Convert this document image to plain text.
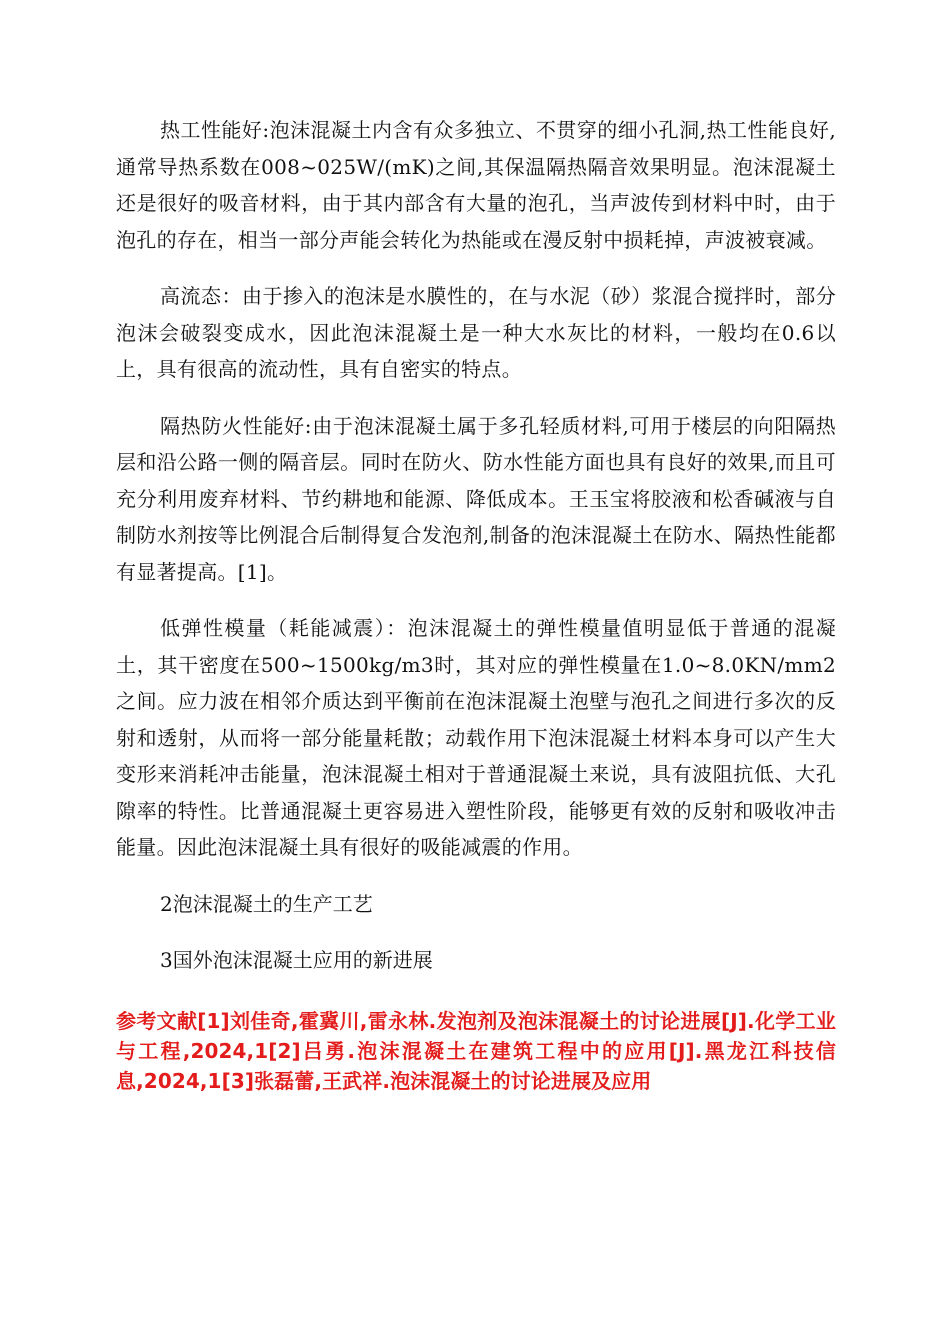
热工性能好:泡沫混凝土内含有众多独立、不贯穿的细小孔洞,热工性能良好,通常导热系数在008~025W/(mK)之间,其保温隔热隔音效果明显。泡沫混凝土还是很好的吸音材料，由于其内部含有大量的泡孔，当声波传到材料中时，由于泡孔的存在，相当一部分声能会转化为热能或在漫反射中损耗掉，声波被衰减。

高流态：由于掺入的泡沫是水膜性的，在与水泥（砂）浆混合搅拌时，部分泡沫会破裂变成水，因此泡沫混凝土是一种大水灰比的材料，一般均在0.6以上，具有很高的流动性，具有自密实的特点。

隔热防火性能好:由于泡沫混凝土属于多孔轻质材料,可用于楼层的向阳隔热层和沿公路一侧的隔音层。同时在防火、防水性能方面也具有良好的效果,而且可充分利用废弃材料、节约耕地和能源、降低成本。王玉宝将胶液和松香碱液与自制防水剂按等比例混合后制得复合发泡剂,制备的泡沫混凝土在防水、隔热性能都有显著提高。[1]。

低弹性模量（耗能减震）：泡沫混凝土的弹性模量值明显低于普通的混凝土，其干密度在500~1500kg/m3时，其对应的弹性模量在1.0~8.0KN/mm2之间。应力波在相邻介质达到平衡前在泡沫混凝土泡壁与泡孔之间进行多次的反射和透射，从而将一部分能量耗散；动载作用下泡沫混凝土材料本身可以产生大变形来消耗冲击能量，泡沫混凝土相对于普通混凝土来说，具有波阻抗低、大孔隙率的特性。比普通混凝土更容易进入塑性阶段，能够更有效的反射和吸收冲击能量。因此泡沫混凝土具有很好的吸能减震的作用。

2泡沫混凝土的生产工艺

3国外泡沫混凝土应用的新进展

参考文献[1]刘佳奇,霍冀川,雷永林.发泡剂及泡沫混凝土的讨论进展[J].化学工业与工程,2024,1[2]吕勇.泡沫混凝土在建筑工程中的应用[J].黑龙江科技信息,2024,1[3]张磊蕾,王武祥.泡沫混凝土的讨论进展及应用
